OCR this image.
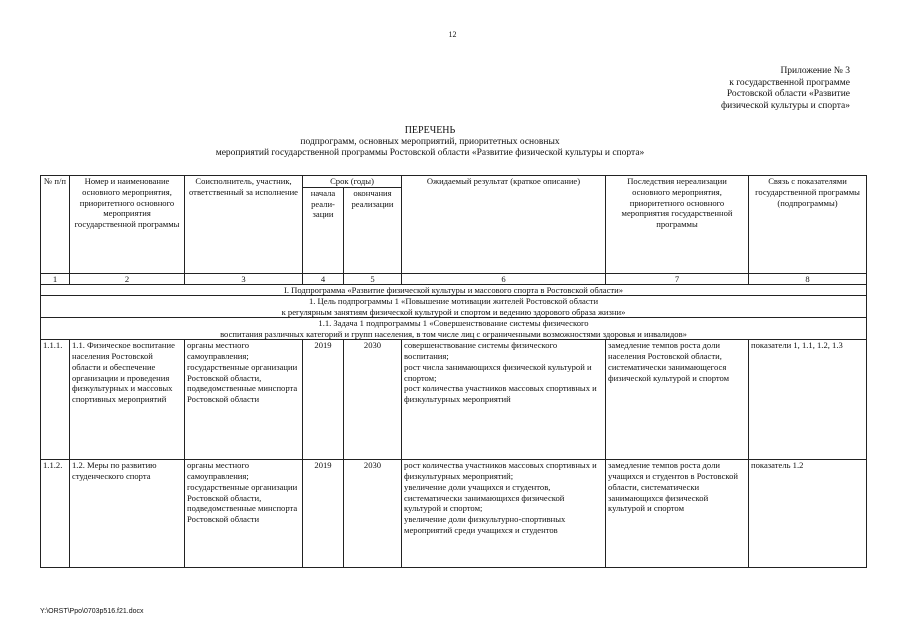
12
Приложение № 3
к государственной программе
Ростовской области «Развитие
физической культуры и спорта»
ПЕРЕЧЕНЬ
подпрограмм, основных мероприятий, приоритетных основных
мероприятий государственной программы Ростовской области «Развитие физической культуры и спорта»
№ п/п	Номер и наименование основного мероприятия, приоритетного основного мероприятия государственной программы	Соисполнитель, участник, ответственный за исполнение	Срок (годы)		Ожидаемый результат (краткое описание)	Последствия нереализации основного мероприятия, приоритетного основного мероприятия государственной программы	Связь с показателями государственной программы (подпрограммы)
			начала реали- зации	окончания реализации			
1	2	3	4	5	6	7	8
I. Подпрограмма «Развитие физической культуры и массового спорта в Ростовской области»							

1. Цель подпрограммы 1 «Повышение мотивации жителей Ростовской области
к регулярным занятиям физической культурой и спортом и ведению здорового образа жизни»							

1.1. Задача 1 подпрограммы 1 «Совершенствование системы физического
воспитания различных категорий и групп населения, в том числе лиц с ограниченными возможностями здоровья и инвалидов»							

1.1.1.	1.1. Физическое воспитание населения Ростовской области и обеспечение организации и проведения физкультурных и массовых спортивных мероприятий	органы местного самоуправления; государственные организации Ростовской области, подведомственные минспорта Ростовской области	2019	2030	совершенствование системы физического воспитания;
рост числа занимающихся физической культурой и спортом;
рост количества участников массовых спортивных и физкультурных мероприятий	замедление темпов роста доли населения Ростовской области, систематически занимающегося физической культурой и спортом	показатели 1, 1.1, 1.2, 1.3
1.1.2.	1.2. Меры по развитию студенческого спорта	органы местного самоуправления; государственные организации Ростовской области, подведомственные минспорта Ростовской области	2019	2030	рост количества участников массовых спортивных и физкультурных мероприятий;
увеличение доли учащихся и студентов, систематически занимающихся физической культурой и спортом;
увеличение доли физкультурно-спортивных мероприятий среди учащихся и студентов	замедление темпов роста доли учащихся и студентов в Ростовской области, систематически занимающихся физической культурой и спортом	показатель 1.2
Y:\ORST\Ppo\0703p516.f21.docx
